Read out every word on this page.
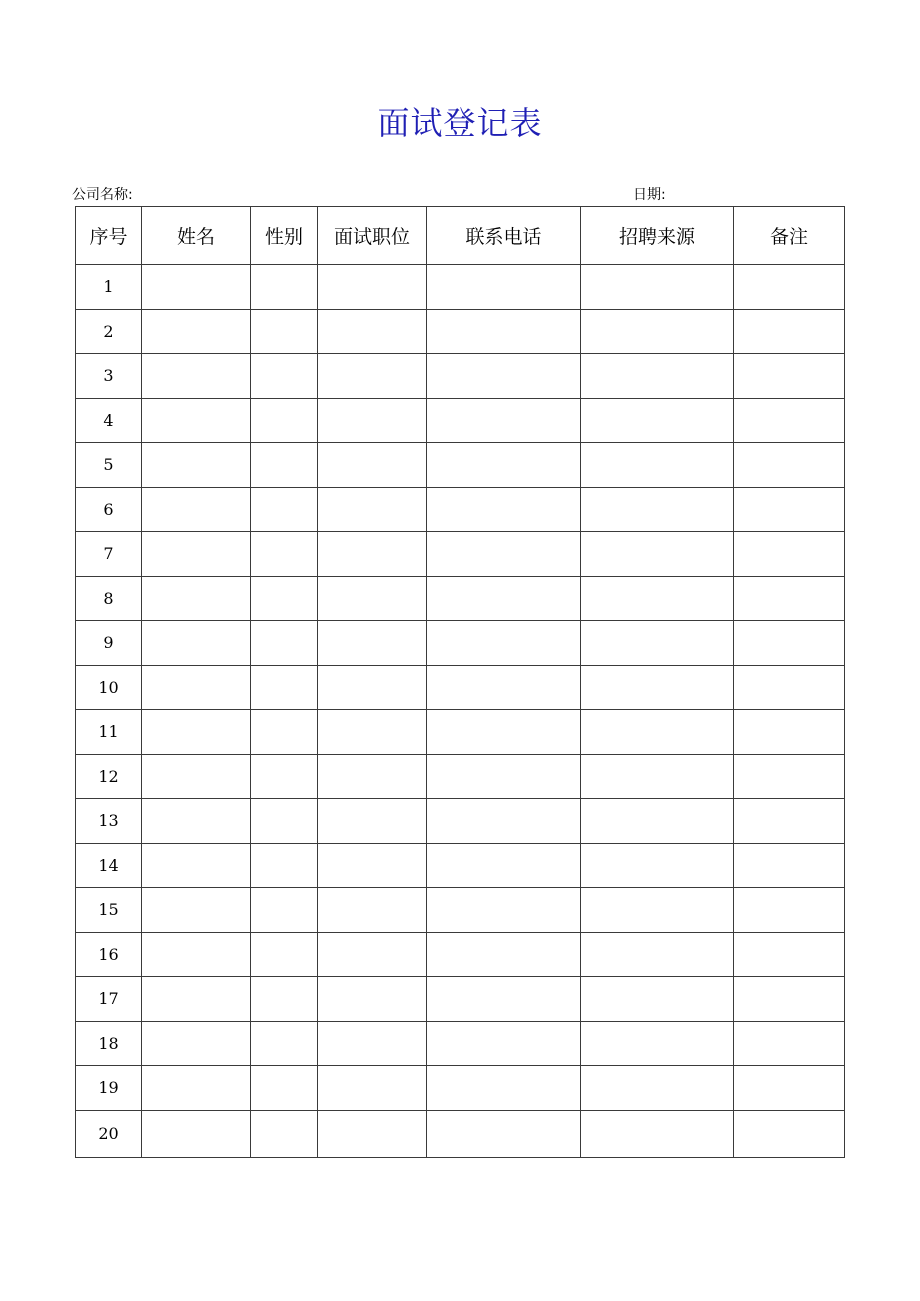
面试登记表
公司名称:	日期:
序号	姓名	性别	面试职位	联系电话	招聘来源	备注
1						
2						
3						
4						
5						
6						
7						
8						
9						
10						
11						
12						
13						
14						
15						
16						
17						
18						
19						
20						
